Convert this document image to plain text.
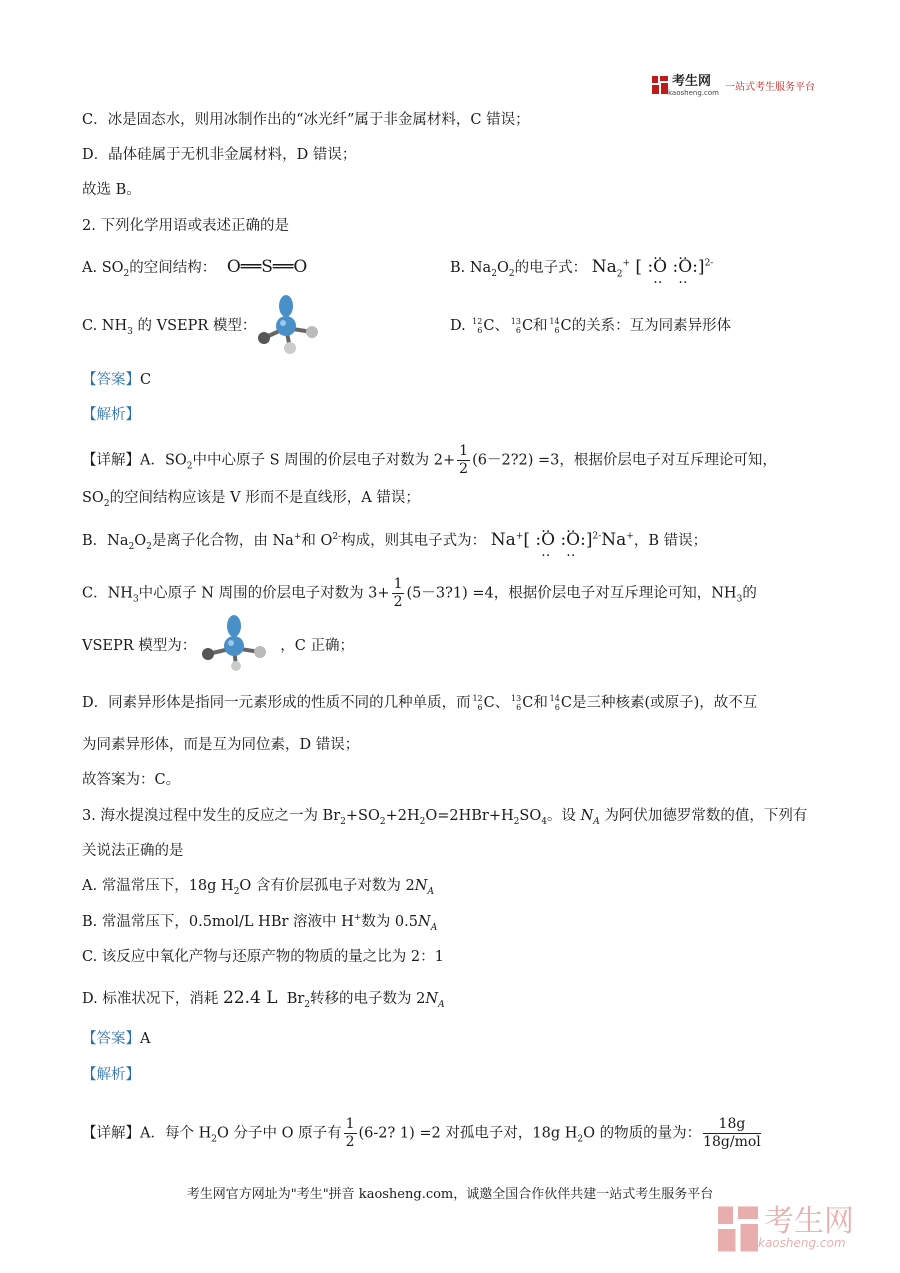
考生网
kaosheng.com
一站式考生服务平台
C．冰是固态水，则用冰制作出的“冰光纤”属于非金属材料，C 错误；
D．晶体硅属于无机非金属材料，D 错误；
故选 B。
2. 下列化学用语或表述正确的是
A. $SO_2$的空间结构： O══S══O	B. $Na_2O_2$的电子式： $Na_2^+$ [ :‥ O ‥ :‥ O ‥:]$^{2-}$
C. $NH_3$ 的 VSEPR 模型：	D. 12
6C、 13
6C和 14
6C的关系：互为同素异形体
【答案】C
【解析】
【详解】A．$SO_2$中中心原子 S 周围的价层电子对数为 $2+ \frac{1}{2}$ (6－2?2) =3，根据价层电子对互斥理论可知，
$SO_2$的空间结构应该是 V 形而不是直线形，A 错误；
B．$Na_2O_2$是离子化合物，由 Na+和 $O^{2-}$构成，则其电子式为： Na+[ :‥ O ‥ :‥ O ‥:]$^{2-}$Na+，B 错误；
C．$NH_3$中心原子 N 周围的价层电子对数为 $3+ \frac{1}{2}$ (5－3?1) =4，根据价层电子对互斥理论可知，$NH_3$的
VSEPR 模型为：	，C 正确；
D．同素异形体是指同一元素形成的性质不同的几种单质，而 12
6C、 13
6C和 14
6C是三种核素(或原子)，故不互
为同素异形体，而是互为同位素，D 错误；
故答案为：C。
3. 海水提溴过程中发生的反应之一为 $Br_2+SO_2+2H_2O=2HBr+H_2SO_4$。设 $N_A$ 为阿伏加德罗常数的值，下列有
关说法正确的是
A. 常温常压下，18g $H_2O$ 含有价层孤电子对数为 $2N_A$
B. 常温常压下，0.5mol/L HBr 溶液中 H+数为 $0.5N_A$
C. 该反应中氧化产物与还原产物的物质的量之比为 2：1
D. 标准状况下，消耗 22.4 L $Br_2$转移的电子数为 $2N_A$
【答案】A
【解析】
【详解】A．每个 $H_2O$ 分子中 O 原子有 $\frac{1}{2} (6-2$? 1) =2 对孤电子对，18g $H_2O$ 的物质的量为： $\frac{18g}{\text{18g/mol}}$
考生网官方网址为"考生"拼音 kaosheng.com，诚邀全国合作伙伴共建一站式考生服务平台
考生网
kaosheng.com
